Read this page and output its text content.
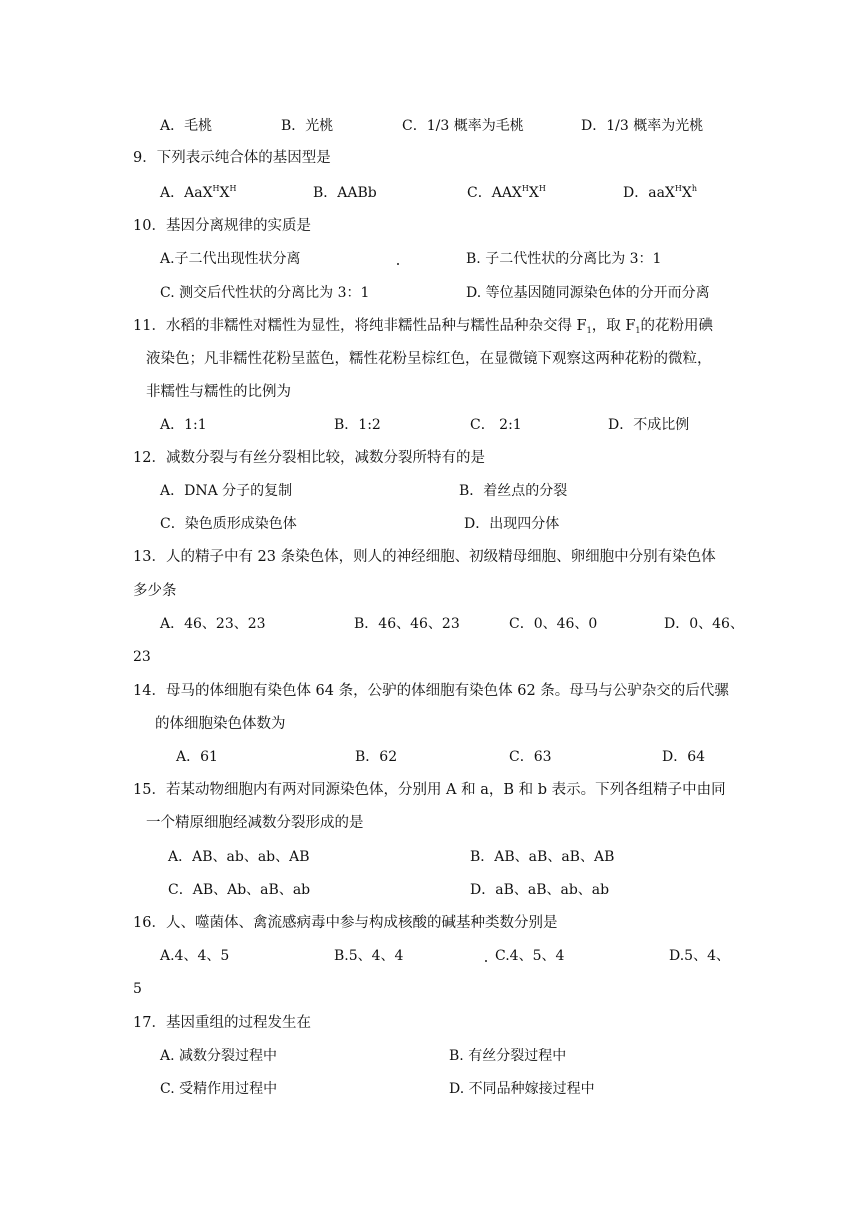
A．毛桃	B．光桃	C．1/3 概率为毛桃	D．1/3 概率为光桃
9．下列表示纯合体的基因型是
A．$AaX^HX^H$	B．AABb	C．$AAX^HX^H$	D．$aaX^HX^h$
10．基因分离规律的实质是
A.子二代出现性状分离	B. 子二代性状的分离比为 3：1
C. 测交后代性状的分离比为 3：1	D. 等位基因随同源染色体的分开而分离
11．水稻的非糯性对糯性为显性，将纯非糯性品种与糯性品种杂交得 $F_1$，取 $F_1$的花粉用碘
液染色；凡非糯性花粉呈蓝色，糯性花粉呈棕红色，在显微镜下观察这两种花粉的微粒，
非糯性与糯性的比例为
A．1:1	B．1:2	C． 2:1	D．不成比例
12．减数分裂与有丝分裂相比较，减数分裂所特有的是
A．DNA 分子的复制	B．着丝点的分裂
C．染色质形成染色体	D．出现四分体
13．人的精子中有 23 条染色体，则人的神经细胞、初级精母细胞、卵细胞中分别有染色体
多少条
A．46、23、23	B．46、46、23	C．0、46、0	D．0、46、
23
14．母马的体细胞有染色体 64 条，公驴的体细胞有染色体 62 条。母马与公驴杂交的后代骡
的体细胞染色体数为
A．61	B．62	C．63	D．64
15．若某动物细胞内有两对同源染色体，分别用 A 和 a，B 和 b 表示。下列各组精子中由同
一个精原细胞经减数分裂形成的是
A．AB、ab、ab、AB	B．AB、aB、aB、AB
C．AB、Ab、aB、ab	D．aB、aB、ab、ab
16．人、噬菌体、禽流感病毒中参与构成核酸的碱基种类数分别是
A.4、4、5	B.5、4、4	C.4、5、4	D.5、4、
5
17．基因重组的过程发生在
A. 减数分裂过程中	B. 有丝分裂过程中
C. 受精作用过程中	D. 不同品种嫁接过程中
